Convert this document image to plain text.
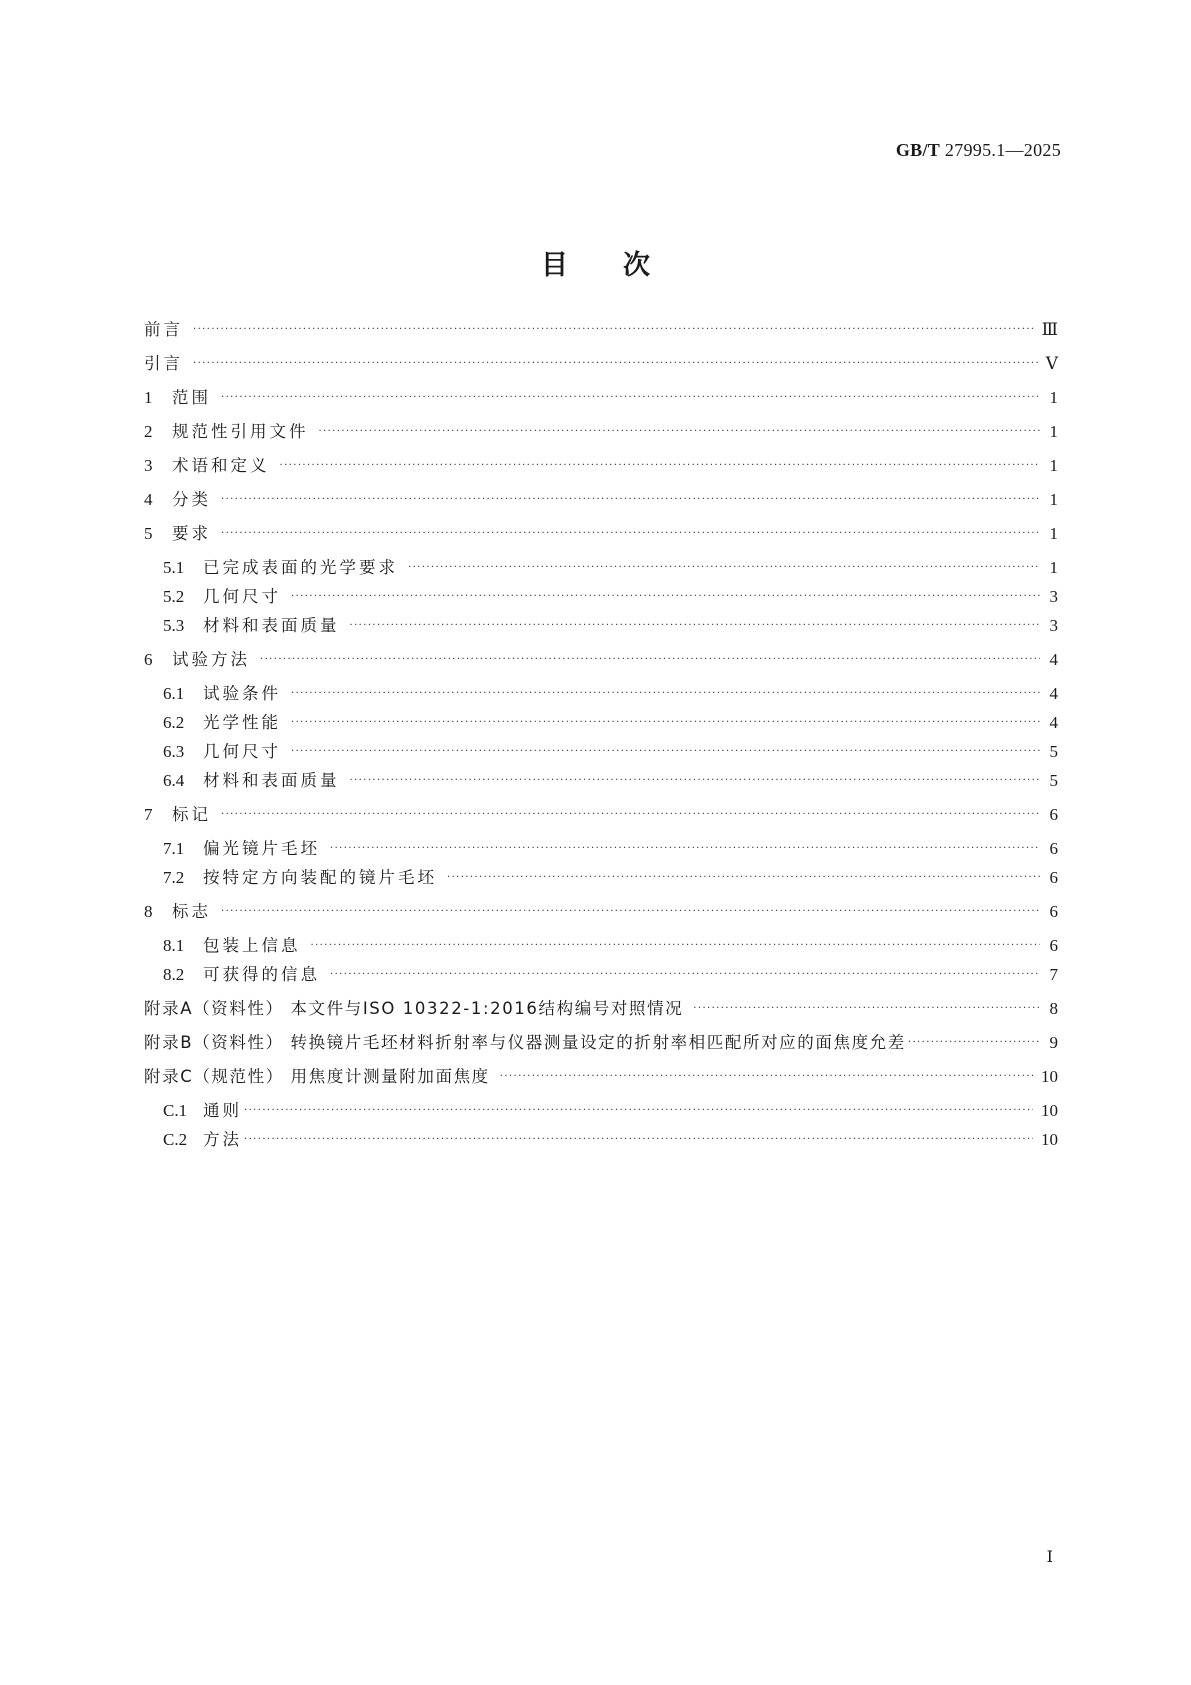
GB/T 27995.1—2025
目次
前言 ·····	Ⅲ
引言 ·····	Ⅴ
1	范围 ·····	1
2	规范性引用文件 ·····	1
3	术语和定义 ·····	1
4	分类 ·····	1
5	要求 ·····	1
5.1	已完成表面的光学要求 ·····	1
5.2	几何尺寸 ·····	3
5.3	材料和表面质量 ·····	3
6	试验方法 ·····	4
6.1	试验条件 ·····	4
6.2	光学性能 ·····	4
6.3	几何尺寸 ·····	5
6.4	材料和表面质量 ·····	5
7	标记 ·····	6
7.1	偏光镜片毛坯 ·····	6
7.2	按特定方向装配的镜片毛坯 ·····	6
8	标志 ·····	6
8.1	包装上信息 ·····	6
8.2	可获得的信息 ·····	7
附录A（资料性） 本文件与ISO 10322-1:2016结构编号对照情况 ·····	8
附录B（资料性） 转换镜片毛坯材料折射率与仪器测量设定的折射率相匹配所对应的面焦度允差 ·····	9
附录C（规范性） 用焦度计测量附加面焦度 ·····	10
C.1 通则 ·····	10
C.2 方法 ·····	10
Ⅰ
